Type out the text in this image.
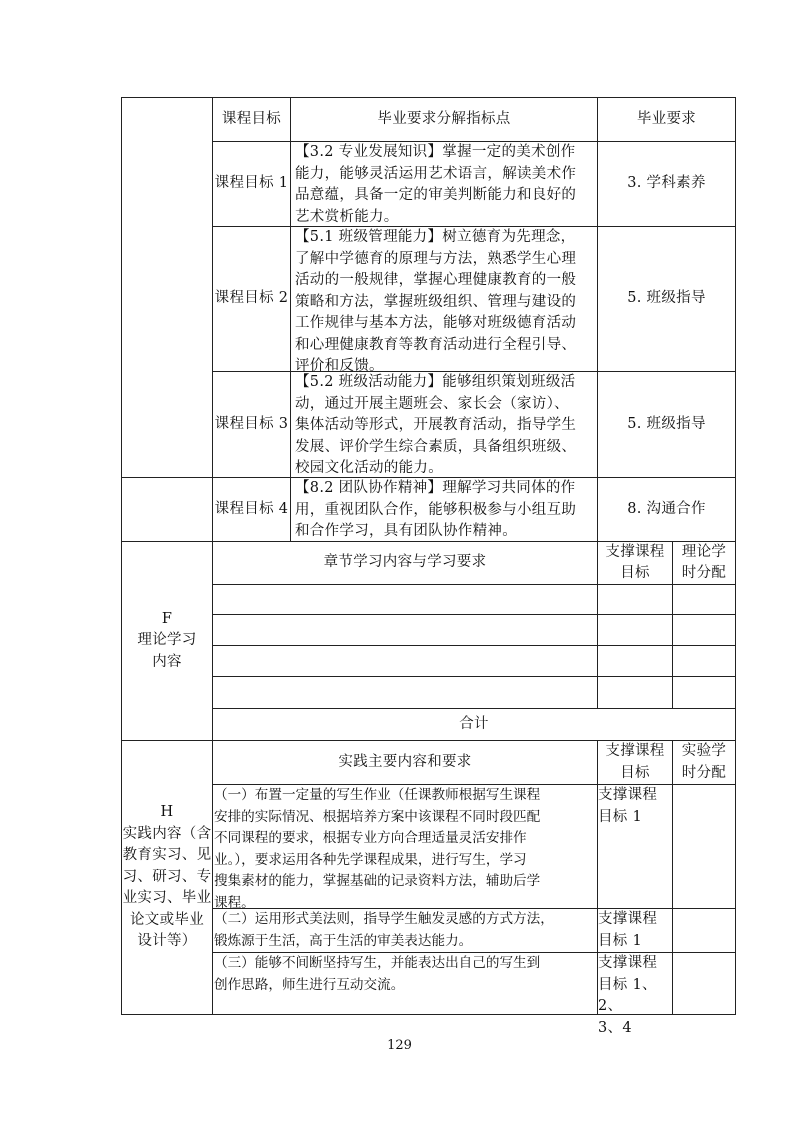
课程目标	毕业要求分解指标点	毕业要求
课程目标 1
【3.2 专业发展知识】掌握一定的美术创作
能力，能够灵活运用艺术语言，解读美术作
品意蕴，具备一定的审美判断能力和良好的
艺术赏析能力。
3. 学科素养
课程目标 2
【5.1 班级管理能力】树立德育为先理念，
了解中学德育的原理与方法，熟悉学生心理
活动的一般规律，掌握心理健康教育的一般
策略和方法，掌握班级组织、管理与建设的
工作规律与基本方法，能够对班级德育活动
和心理健康教育等教育活动进行全程引导、
评价和反馈。
5. 班级指导
课程目标 3
【5.2 班级活动能力】能够组织策划班级活
动，通过开展主题班会、家长会（家访）、
集体活动等形式，开展教育活动，指导学生
发展、评价学生综合素质，具备组织班级、
校园文化活动的能力。
5. 班级指导
课程目标 4
【8.2 团队协作精神】理解学习共同体的作
用，重视团队合作，能够积极参与小组互助
和合作学习，具有团队协作精神。
8. 沟通合作
F
理论学习
内容
章节学习内容与学习要求
支撑课程
目标
理论学
时分配
合计
H
实践内容（含
教育实习、见
习、研习、专
业实习、毕业
论文或毕业
设计等）
实践主要内容和要求
支撑课程
目标
实验学
时分配
（一）布置一定量的写生作业（任课教师根据写生课程
安排的实际情况、根据培养方案中该课程不同时段匹配
不同课程的要求，根据专业方向合理适量灵活安排作
业。），要求运用各种先学课程成果，进行写生，学习
搜集素材的能力，掌握基础的记录资料方法，辅助后学
课程。
支撑课程
目标 1
（二）运用形式美法则，指导学生触发灵感的方式方法，
锻炼源于生活，高于生活的审美表达能力。
支撑课程
目标 1
（三）能够不间断坚持写生，并能表达出自己的写生到
创作思路，师生进行互动交流。
支撑课程
目标 1、2、
3、4
129
